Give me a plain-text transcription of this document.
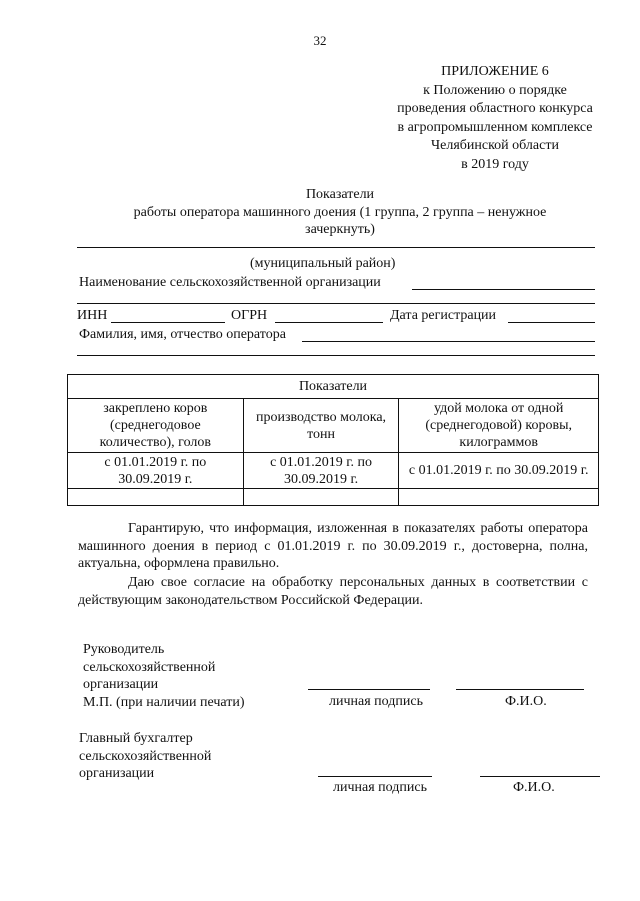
32
ПРИЛОЖЕНИЕ 6
к Положению о порядке
проведения областного конкурса
в агропромышленном комплексе
Челябинской области
в 2019 году
Показатели
работы оператора машинного доения (1 группа, 2 группа – ненужное
зачеркнуть)
(муниципальный район)
Наименование сельскохозяйственной организации
ИНН	ОГРН	Дата регистрации
Фамилия, имя, отчество оператора
Показатели		
закреплено коров (среднегодовое количество), голов	производство молока, тонн	удой молока от одной (среднегодовой) коровы, килограммов
с 01.01.2019 г. по 30.09.2019 г.	с 01.01.2019 г. по 30.09.2019 г.	с 01.01.2019 г. по 30.09.2019 г.

Гарантирую, что информация, изложенная в показателях работы оператора машинного доения в период с 01.01.2019 г. по 30.09.2019 г., достоверна, полна, актуальна, оформлена правильно.
Даю свое согласие на обработку персональных данных в соответствии с действующим законодательством Российской Федерации.
Руководитель
сельскохозяйственной
организации
М.П. (при наличии печати)	личная подпись	Ф.И.О.
Главный бухгалтер
сельскохозяйственной
организации
личная подпись	Ф.И.О.
